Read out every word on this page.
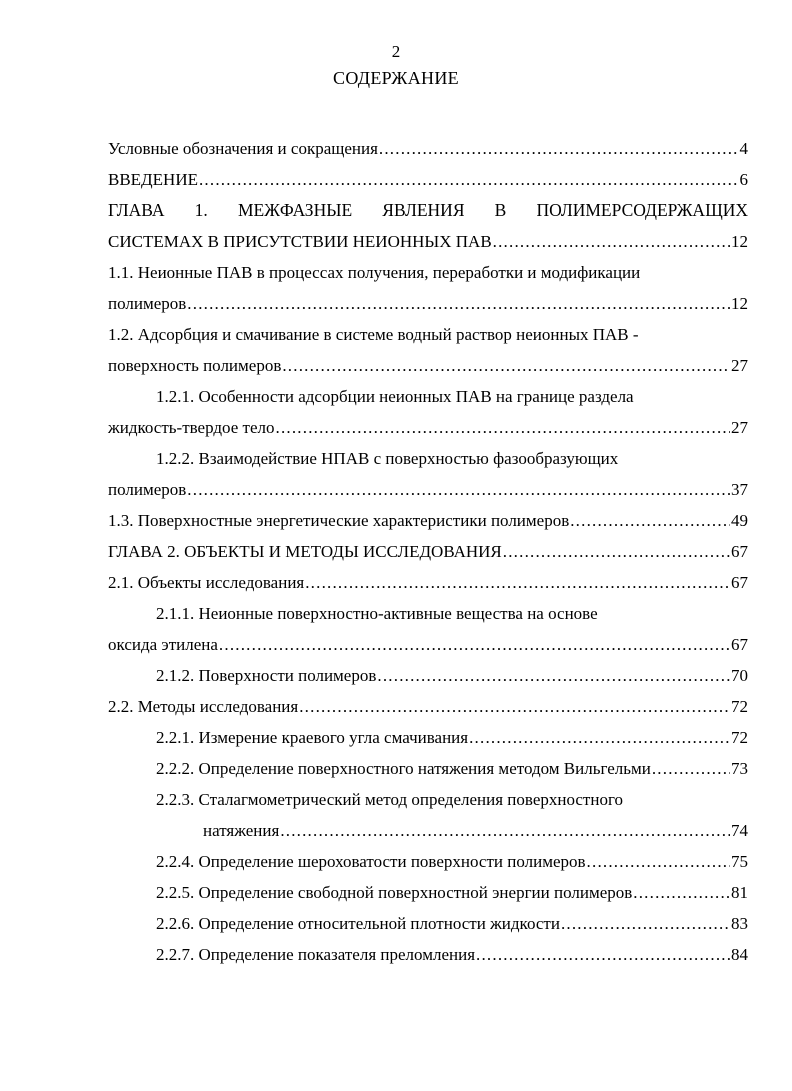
2
СОДЕРЖАНИЕ
Условные обозначения и сокращения .....	4
ВВЕДЕНИЕ .....	6
ГЛАВА 1. МЕЖФАЗНЫЕ ЯВЛЕНИЯ В ПОЛИМЕРСОДЕРЖАЩИХ
СИСТЕМАХ В ПРИСУТСТВИИ НЕИОННЫХ ПАВ .....	12
1.1. Неионные ПАВ в процессах получения, переработки и модификации
полимеров .....	12
1.2. Адсорбция и смачивание в системе водный раствор неионных ПАВ -
поверхность полимеров .....	27
1.2.1. Особенности адсорбции неионных ПАВ на границе раздела
жидкость-твердое тело .....	27
1.2.2. Взаимодействие НПАВ с поверхностью фазообразующих
полимеров .....	37
1.3. Поверхностные энергетические характеристики полимеров .....	49
ГЛАВА 2. ОБЪЕКТЫ И МЕТОДЫ ИССЛЕДОВАНИЯ .....	67
2.1. Объекты исследования .....	67
2.1.1. Неионные поверхностно-активные вещества на основе
оксида этилена .....	67
2.1.2. Поверхности полимеров .....	70
2.2. Методы исследования .....	72
2.2.1. Измерение краевого угла смачивания .....	72
2.2.2. Определение поверхностного натяжения методом Вильгельми .....	73
2.2.3. Сталагмометрический метод определения поверхностного
натяжения .....	74
2.2.4. Определение шероховатости поверхности полимеров .....	75
2.2.5. Определение свободной поверхностной энергии полимеров .....	81
2.2.6. Определение относительной плотности жидкости .....	83
2.2.7. Определение показателя преломления .....	84
